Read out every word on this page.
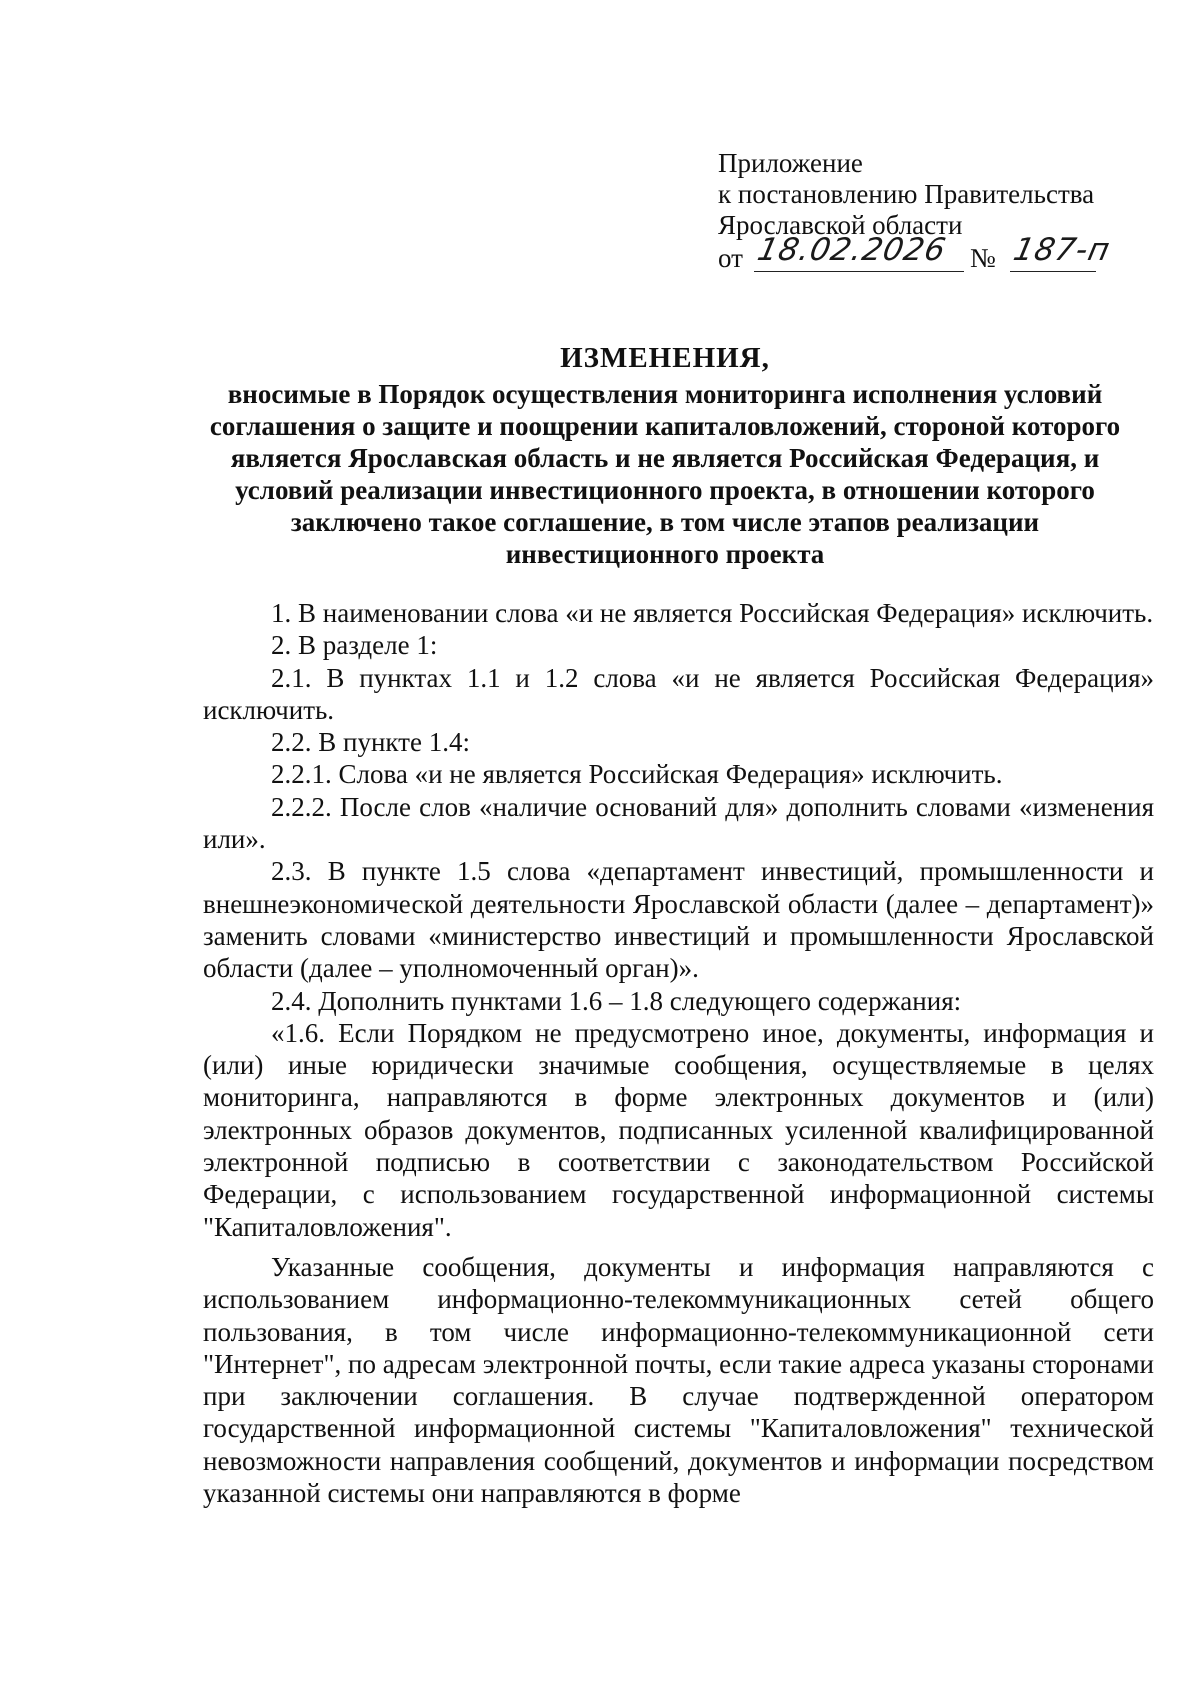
Приложение
к постановлению Правительства
Ярославской области
от 18.02.2026 № 187-п
ИЗМЕНЕНИЯ,
вносимые в Порядок осуществления мониторинга исполнения условий соглашения о защите и поощрении капиталовложений, стороной которого является Ярославская область и не является Российская Федерация, и условий реализации инвестиционного проекта, в отношении которого заключено такое соглашение, в том числе этапов реализации инвестиционного проекта

1. В наименовании слова «и не является Российская Федерация» исключить.

2. В разделе 1:

2.1. В пунктах 1.1 и 1.2 слова «и не является Российская Федерация» исключить.

2.2. В пункте 1.4:

2.2.1. Слова «и не является Российская Федерация» исключить.

2.2.2. После слов «наличие оснований для» дополнить словами «изменения или».

2.3. В пункте 1.5 слова «департамент инвестиций, промышленности и внешнеэкономической деятельности Ярославской области (далее – департамент)» заменить словами «министерство инвестиций и промышленности Ярославской области (далее – уполномоченный орган)».

2.4. Дополнить пунктами 1.6 – 1.8 следующего содержания:

«1.6. Если Порядком не предусмотрено иное, документы, информация и (или) иные юридически значимые сообщения, осуществляемые в целях мониторинга, направляются в форме электронных документов и (или) электронных образов документов, подписанных усиленной квалифицированной электронной подписью в соответствии с законодательством Российской Федерации, с использованием государственной информационной системы "Капиталовложения".

Указанные сообщения, документы и информация направляются с использованием информационно-телекоммуникационных сетей общего пользования, в том числе информационно-телекоммуникационной сети "Интернет", по адресам электронной почты, если такие адреса указаны сторонами при заключении соглашения. В случае подтвержденной оператором государственной информационной системы "Капиталовложения" технической невозможности направления сообщений, документов и информации посредством указанной системы они направляются в форме
